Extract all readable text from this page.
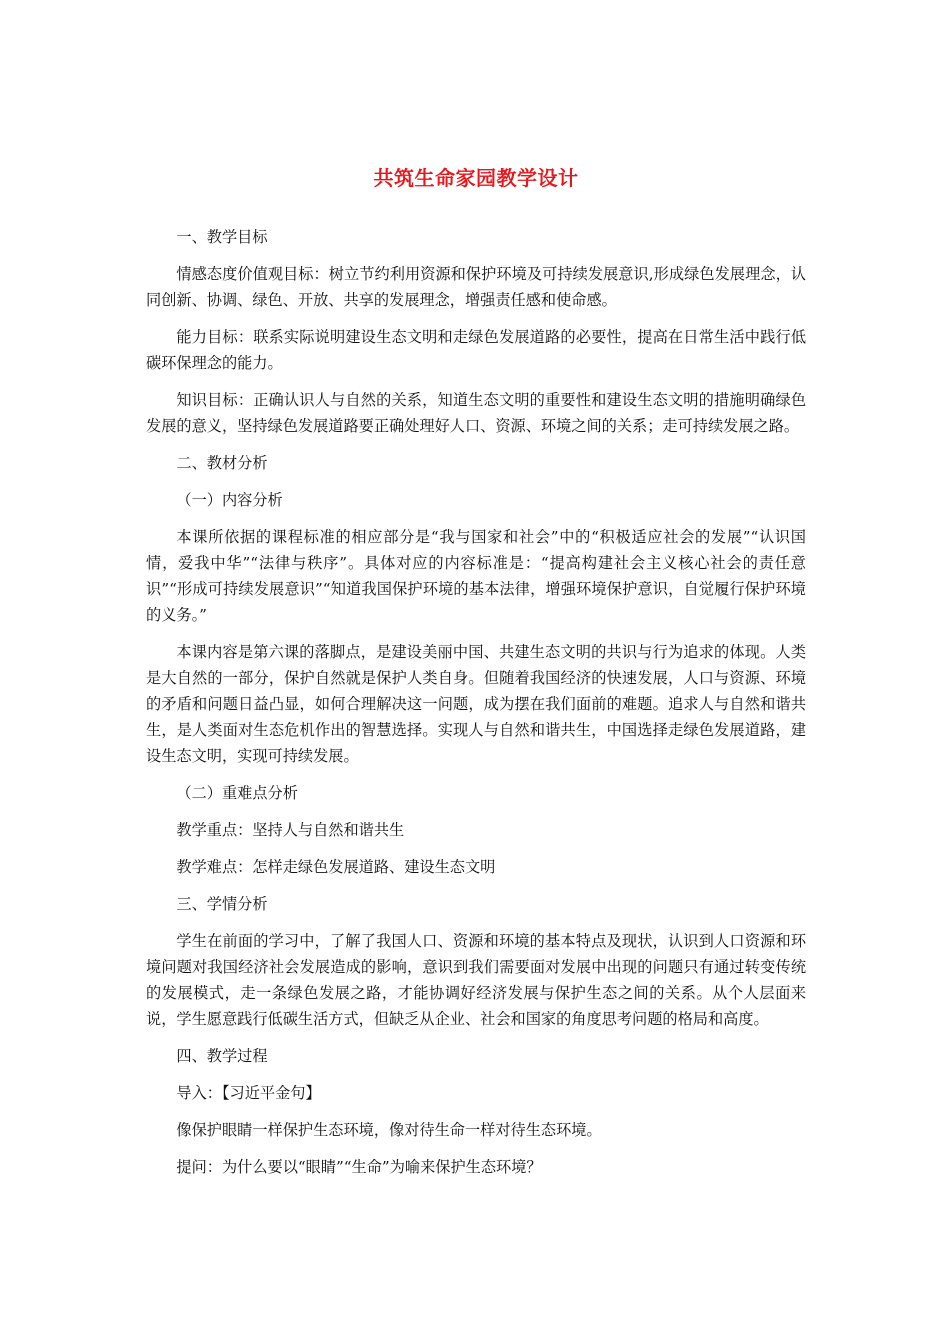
共筑生命家园教学设计

一、教学目标

情感态度价值观目标：树立节约利用资源和保护环境及可持续发展意识,形成绿色发展理念，认同创新、协调、绿色、开放、共享的发展理念，增强责任感和使命感。

能力目标：联系实际说明建设生态文明和走绿色发展道路的必要性，提高在日常生活中践行低碳环保理念的能力。

知识目标：正确认识人与自然的关系，知道生态文明的重要性和建设生态文明的措施明确绿色发展的意义，坚持绿色发展道路要正确处理好人口、资源、环境之间的关系；走可持续发展之路。

二、教材分析

（一）内容分析

本课所依据的课程标准的相应部分是“我与国家和社会”中的“积极适应社会的发展”“认识国情，爱我中华”“法律与秩序”。具体对应的内容标准是：“提高构建社会主义核心社会的责任意识”“形成可持续发展意识”“知道我国保护环境的基本法律，增强环境保护意识，自觉履行保护环境的义务。”

本课内容是第六课的落脚点，是建设美丽中国、共建生态文明的共识与行为追求的体现。人类是大自然的一部分，保护自然就是保护人类自身。但随着我国经济的快速发展，人口与资源、环境的矛盾和问题日益凸显，如何合理解决这一问题，成为摆在我们面前的难题。追求人与自然和谐共生，是人类面对生态危机作出的智慧选择。实现人与自然和谐共生，中国选择走绿色发展道路，建设生态文明，实现可持续发展。

（二）重难点分析

教学重点：坚持人与自然和谐共生

教学难点：怎样走绿色发展道路、建设生态文明

三、学情分析

学生在前面的学习中，了解了我国人口、资源和环境的基本特点及现状，认识到人口资源和环境问题对我国经济社会发展造成的影响，意识到我们需要面对发展中出现的问题只有通过转变传统的发展模式，走一条绿色发展之路，才能协调好经济发展与保护生态之间的关系。从个人层面来说，学生愿意践行低碳生活方式，但缺乏从企业、社会和国家的角度思考问题的格局和高度。

四、教学过程

导入：【习近平金句】

像保护眼睛一样保护生态环境，像对待生命一样对待生态环境。

提问：为什么要以“眼睛”“生命”为喻来保护生态环境？
